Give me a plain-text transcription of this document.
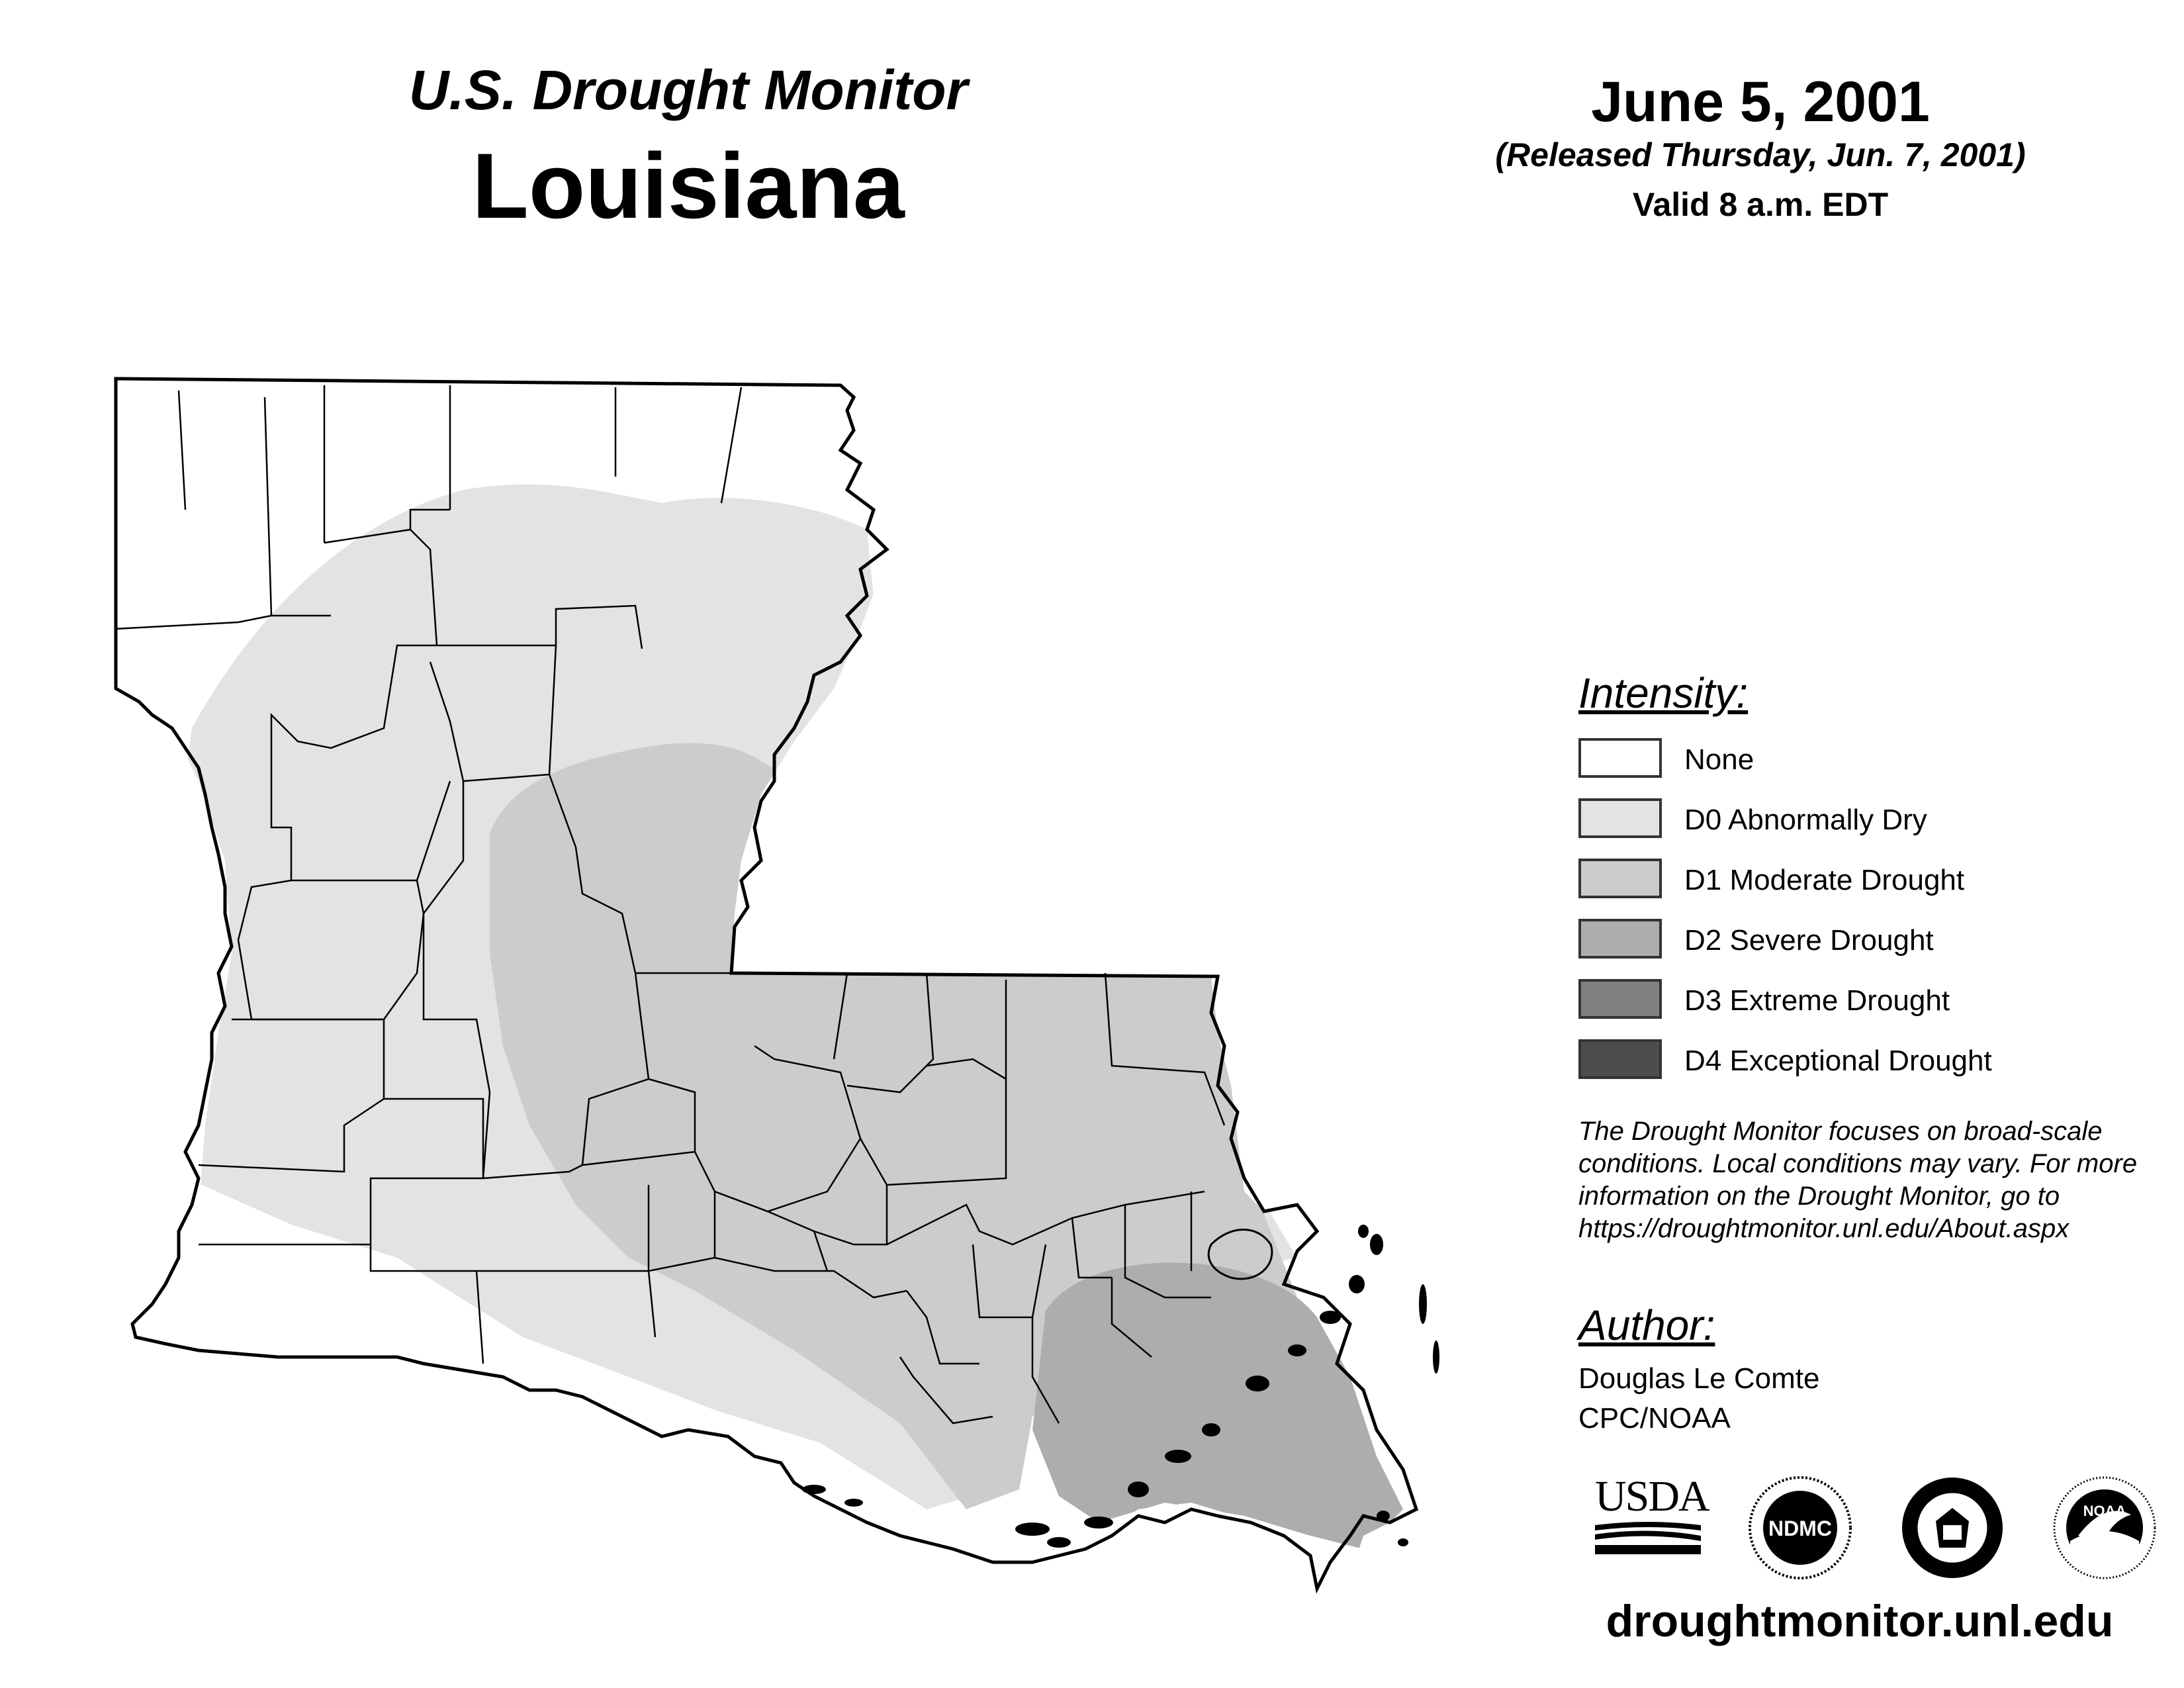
U.S. Drought Monitor
Louisiana
June 5, 2001
(Released Thursday, Jun. 7, 2001)
Valid 8 a.m. EDT
Intensity:
None
D0 Abnormally Dry
D1 Moderate Drought
D2 Severe Drought
D3 Extreme Drought
D4 Exceptional Drought
The Drought Monitor focuses on broad-scale
conditions. Local conditions may vary. For more
information on the Drought Monitor, go to
https://droughtmonitor.unl.edu/About.aspx
Author:
Douglas Le Comte
CPC/NOAA
USDA
NDMC
NOAA
droughtmonitor.unl.edu
